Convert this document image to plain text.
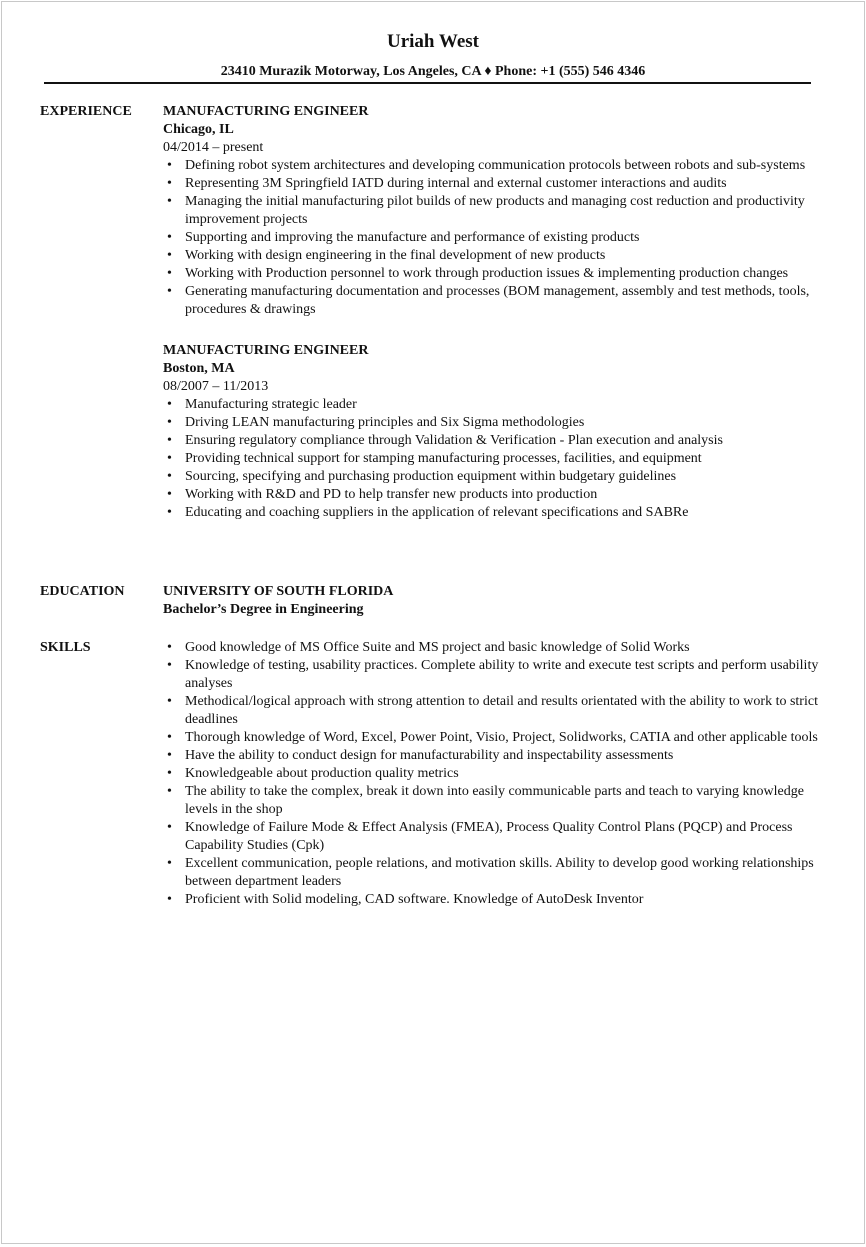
Uriah West
23410 Murazik Motorway, Los Angeles, CA ♦ Phone: +1 (555) 546 4346
EXPERIENCE MANUFACTURING ENGINEER
Chicago, IL
04/2014 – present
• Defining robot system architectures and developing communication protocols between robots and sub-systems
• Representing 3M Springfield IATD during internal and external customer interactions and audits
• Managing the initial manufacturing pilot builds of new products and managing cost reduction and productivity improvement projects
• Supporting and improving the manufacture and performance of existing products
• Working with design engineering in the final development of new products
• Working with Production personnel to work through production issues & implementing production changes
• Generating manufacturing documentation and processes (BOM management, assembly and test methods, tools, procedures & drawings
MANUFACTURING ENGINEER
Boston, MA
08/2007 – 11/2013
• Manufacturing strategic leader
• Driving LEAN manufacturing principles and Six Sigma methodologies
• Ensuring regulatory compliance through Validation & Verification - Plan execution and analysis
• Providing technical support for stamping manufacturing processes, facilities, and equipment
• Sourcing, specifying and purchasing production equipment within budgetary guidelines
• Working with R&D and PD to help transfer new products into production
• Educating and coaching suppliers in the application of relevant specifications and SABRe
EDUCATION	UNIVERSITY OF SOUTH FLORIDA
Bachelor’s Degree in Engineering
SKILLS
•	Good knowledge of MS Office Suite and MS project and basic knowledge of Solid Works
• Knowledge of testing, usability practices. Complete ability to write and execute test scripts and perform usability analyses
• Methodical/logical approach with strong attention to detail and results orientated with the ability to work to strict deadlines
• Thorough knowledge of Word, Excel, Power Point, Visio, Project, Solidworks, CATIA and other applicable tools
• Have the ability to conduct design for manufacturability and inspectability assessments
• Knowledgeable about production quality metrics
• The ability to take the complex, break it down into easily communicable parts and teach to varying knowledge levels in the shop
• Knowledge of Failure Mode & Effect Analysis (FMEA), Process Quality Control Plans (PQCP) and Process Capability Studies (Cpk)
• Excellent communication, people relations, and motivation skills. Ability to develop good working relationships between department leaders
• Proficient with Solid modeling, CAD software. Knowledge of AutoDesk Inventor
